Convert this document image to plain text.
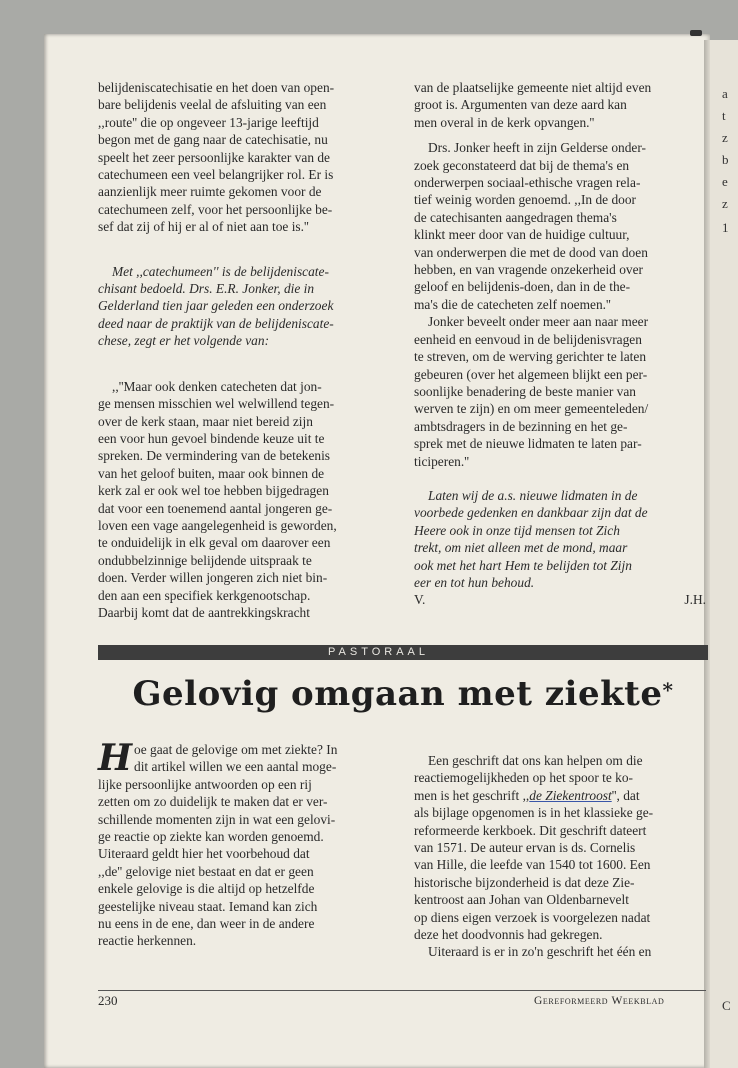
a
t
z
b
e
z
1
C

belijdeniscatechisatie en het doen van open-
bare belijdenis veelal de afsluiting van een
,,route'' die op ongeveer 13-jarige leeftijd
begon met de gang naar de catechisatie, nu
speelt het zeer persoonlijke karakter van de
catechumeen een veel belangrijker rol. Er is
aanzienlijk meer ruimte gekomen voor de
catechumeen zelf, voor het persoonlijke be-
sef dat zij of hij er al of niet aan toe is.''

Met ,,catechumeen'' is de belijdeniscate-
chisant bedoeld. Drs. E.R. Jonker, die in
Gelderland tien jaar geleden een onderzoek
deed naar de praktijk van de belijdeniscate-
chese, zegt er het volgende van:

,,''Maar ook denken catecheten dat jon-
ge mensen misschien wel welwillend tegen-
over de kerk staan, maar niet bereid zijn
een voor hun gevoel bindende keuze uit te
spreken. De vermindering van de betekenis
van het geloof buiten, maar ook binnen de
kerk zal er ook wel toe hebben bijgedragen
dat voor een toenemend aantal jongeren ge-
loven een vage aangelegenheid is geworden,
te onduidelijk in elk geval om daarover een
ondubbelzinnige belijdende uitspraak te
doen. Verder willen jongeren zich niet bin-
den aan een specifiek kerkgenootschap.
Daarbij komt dat de aantrekkingskracht

van de plaatselijke gemeente niet altijd even
groot is. Argumenten van deze aard kan
men overal in de kerk opvangen.''

Drs. Jonker heeft in zijn Gelderse onder-
zoek geconstateerd dat bij de thema's en
onderwerpen sociaal-ethische vragen rela-
tief weinig worden genoemd. ,,In de door
de catechisanten aangedragen thema's
klinkt meer door van de huidige cultuur,
van onderwerpen die met de dood van doen
hebben, en van vragende onzekerheid over
geloof en belijdenis-doen, dan in de the-
ma's die de catecheten zelf noemen.''

Jonker beveelt onder meer aan naar meer
eenheid en eenvoud in de belijdenisvragen
te streven, om de werving gerichter te laten
gebeuren (over het algemeen blijkt een per-
soonlijke benadering de beste manier van
werven te zijn) en om meer gemeenteleden/
ambtsdragers in de bezinning en het ge-
sprek met de nieuwe lidmaten te laten par-
ticiperen.''

Laten wij de a.s. nieuwe lidmaten in de
voorbede gedenken en dankbaar zijn dat de
Heere ook in onze tijd mensen tot Zich
trekt, om niet alleen met de mond, maar
ook met het hart Hem te belijden tot Zijn
eer en tot hun behoud.

V.	J.H.
PASTORAAL
Gelovig omgaan met ziekte*
H oe gaat de gelovige om met ziekte? In
dit artikel willen we een aantal moge-
lijke persoonlijke antwoorden op een rij
zetten om zo duidelijk te maken dat er ver-
schillende momenten zijn in wat een gelovi-
ge reactie op ziekte kan worden genoemd.
Uiteraard geldt hier het voorbehoud dat
,,de'' gelovige niet bestaat en dat er geen
enkele gelovige is die altijd op hetzelfde
geestelijke niveau staat. Iemand kan zich
nu eens in de ene, dan weer in de andere
reactie herkennen.
Een geschrift dat ons kan helpen om die
reactiemogelijkheden op het spoor te ko-
men is het geschrift ,,de Ziekentroost'', dat
als bijlage opgenomen is in het klassieke ge-
reformeerde kerkboek. Dit geschrift dateert
van 1571. De auteur ervan is ds. Cornelis
van Hille, die leefde van 1540 tot 1600. Een
historische bijzonderheid is dat deze Zie-
kentroost aan Johan van Oldenbarnevelt
op diens eigen verzoek is voorgelezen nadat
deze het doodvonnis had gekregen.
Uiteraard is er in zo'n geschrift het één en
230	Gereformeerd Weekblad
